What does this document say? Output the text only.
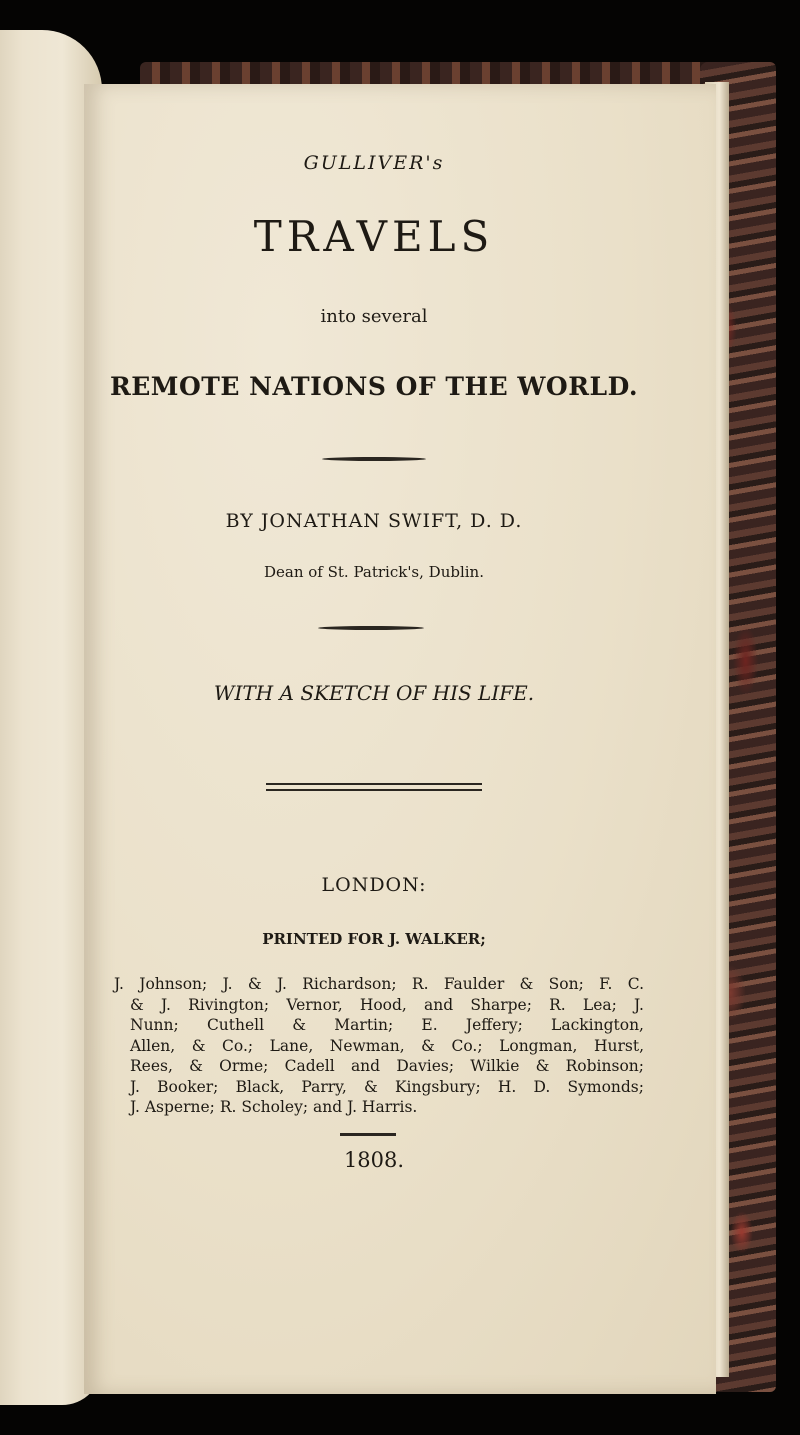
GULLIVER's

TRAVELS

into several

REMOTE NATIONS OF THE WORLD.

BY JONATHAN SWIFT, D. D.

Dean of St. Patrick's, Dublin.

WITH A SKETCH OF HIS LIFE.

LONDON:

PRINTED FOR J. WALKER;

J. Johnson; J. & J. Richardson; R. Faulder & Son; F. C.
& J. Rivington; Vernor, Hood, and Sharpe; R. Lea; J.
Nunn; Cuthell & Martin; E. Jeffery; Lackington,
Allen, & Co.; Lane, Newman, & Co.; Longman, Hurst,
Rees, & Orme; Cadell and Davies; Wilkie & Robinson;
J. Booker; Black, Parry, & Kingsbury; H. D. Symonds;
J. Asperne; R. Scholey; and J. Harris.

1808.
